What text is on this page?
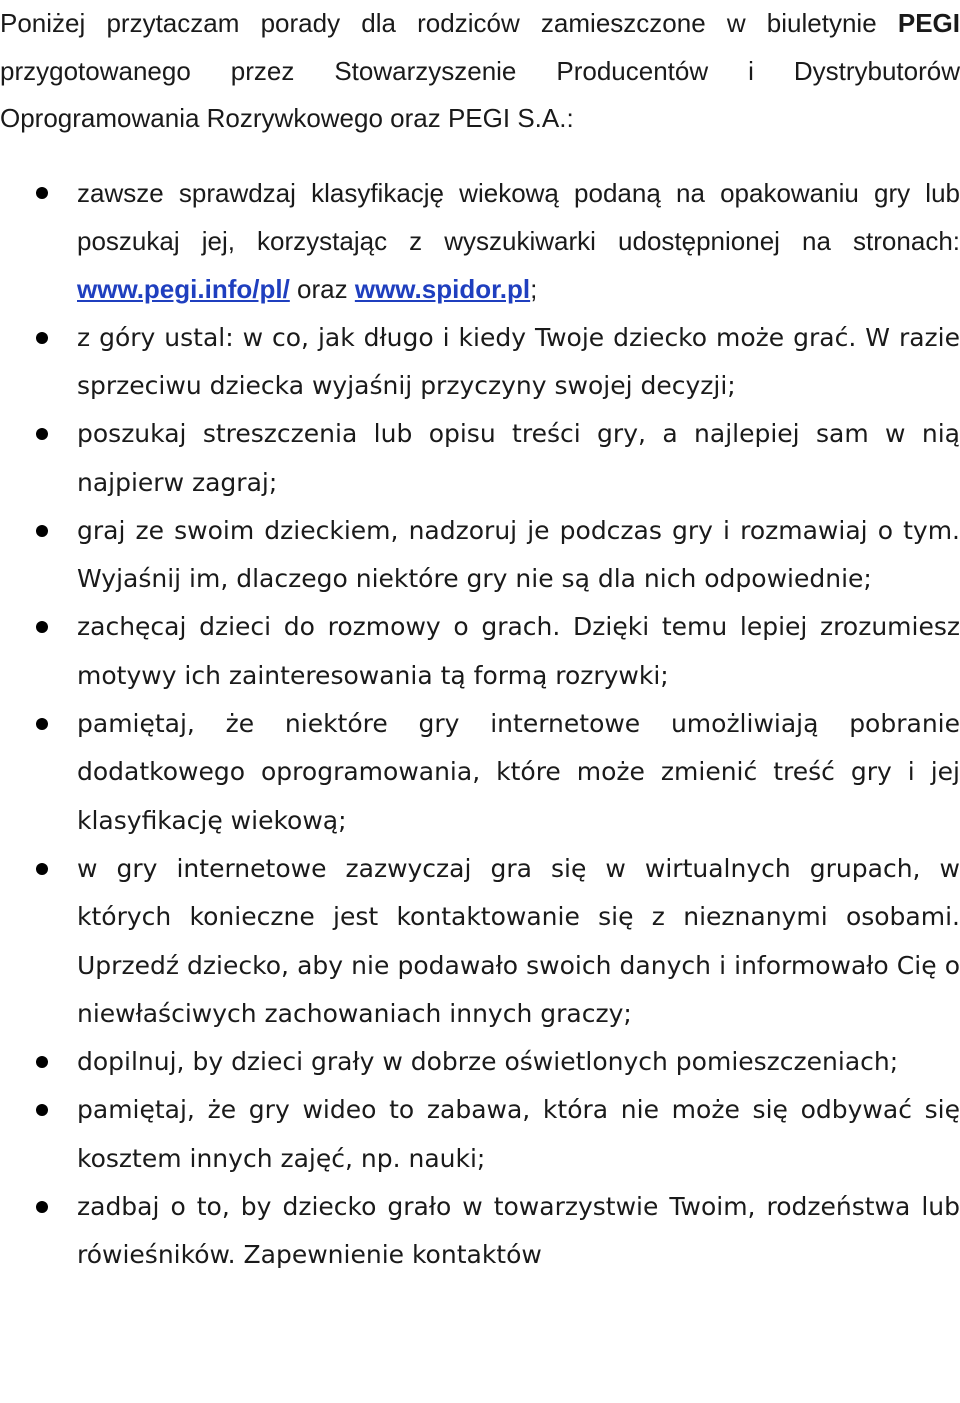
Poniżej przytaczam porady dla rodziców zamieszczone w biuletynie PEGI przygotowanego przez Stowarzyszenie Producentów i Dystrybutorów Oprogramowania Rozrywkowego oraz PEGI S.A.:

zawsze sprawdzaj klasyfikację wiekową podaną na opakowaniu gry lub poszukaj jej, korzystając z wyszukiwarki udostępnionej na stronach: www.pegi.info/pl/ oraz www.spidor.pl;
z góry ustal: w co, jak długo i kiedy Twoje dziecko może grać. W razie sprzeciwu dziecka wyjaśnij przyczyny swojej decyzji;
poszukaj streszczenia lub opisu treści gry, a najlepiej sam w nią najpierw zagraj;
graj ze swoim dzieckiem, nadzoruj je podczas gry i rozmawiaj o tym. Wyjaśnij im, dlaczego niektóre gry nie są dla nich odpowiednie;
zachęcaj dzieci do rozmowy o grach. Dzięki temu lepiej zrozumiesz motywy ich zainteresowania tą formą rozrywki;
pamiętaj, że niektóre gry internetowe umożliwiają pobranie dodatkowego oprogramowania, które może zmienić treść gry i jej klasyfikację wiekową;
w gry internetowe zazwyczaj gra się w wirtualnych grupach, w których konieczne jest kontaktowanie się z nieznanymi osobami. Uprzedź dziecko, aby nie podawało swoich danych i informowało Cię o niewłaściwych zachowaniach innych graczy;
dopilnuj, by dzieci grały w dobrze oświetlonych pomieszczeniach;
pamiętaj, że gry wideo to zabawa, która nie może się odbywać się kosztem innych zajęć, np. nauki;
zadbaj o to, by dziecko grało w towarzystwie Twoim, rodzeństwa lub rówieśników. Zapewnienie kontaktów
